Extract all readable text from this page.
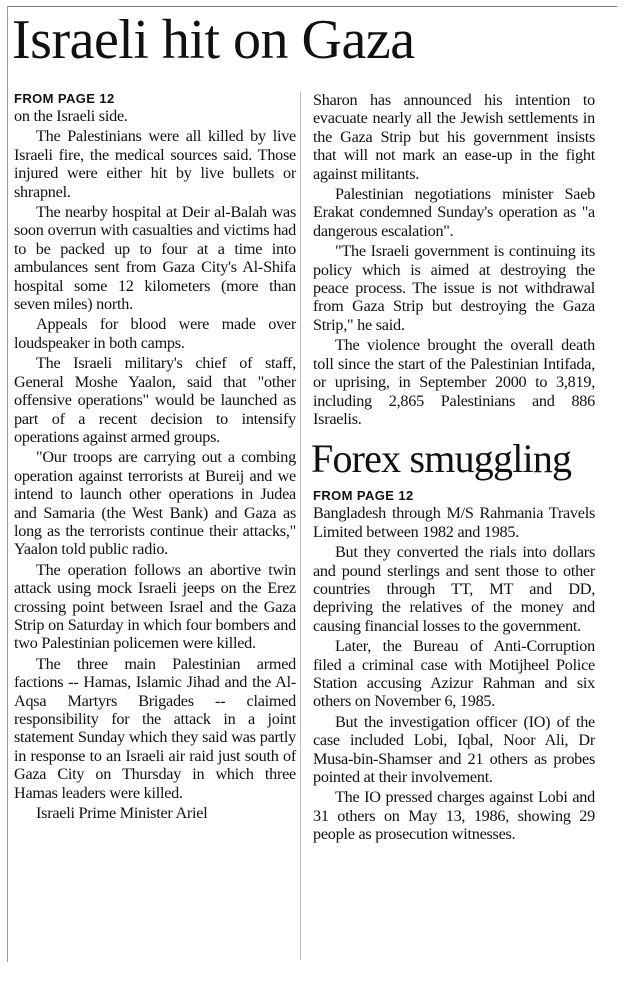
Israeli hit on Gaza
FROM PAGE 12

on the Israeli side.

The Palestinians were all killed by live Israeli fire, the medical sources said. Those injured were either hit by live bullets or shrapnel.

The nearby hospital at Deir al-Balah was soon overrun with casualties and victims had to be packed up to four at a time into ambulances sent from Gaza City's Al-Shifa hospital some 12 kilometers (more than seven miles) north.

Appeals for blood were made over loudspeaker in both camps.

The Israeli military's chief of staff, General Moshe Yaalon, said that "other offensive operations" would be launched as part of a recent decision to intensify operations against armed groups.

"Our troops are carrying out a combing operation against terrorists at Bureij and we intend to launch other operations in Judea and Samaria (the West Bank) and Gaza as long as the terrorists continue their attacks," Yaalon told public radio.

The operation follows an abortive twin attack using mock Israeli jeeps on the Erez crossing point between Israel and the Gaza Strip on Saturday in which four bombers and two Palestinian policemen were killed.

The three main Palestinian armed factions -- Hamas, Islamic Jihad and the Al-Aqsa Martyrs Brigades -- claimed responsibility for the attack in a joint statement Sunday which they said was partly in response to an Israeli air raid just south of Gaza City on Thursday in which three Hamas leaders were killed.

Israeli Prime Minister Ariel

Sharon has announced his intention to evacuate nearly all the Jewish settlements in the Gaza Strip but his government insists that will not mark an ease-up in the fight against militants.

Palestinian negotiations minister Saeb Erakat condemned Sunday's operation as "a dangerous escalation".

"The Israeli government is continuing its policy which is aimed at destroying the peace process. The issue is not withdrawal from Gaza Strip but destroying the Gaza Strip," he said.

The violence brought the overall death toll since the start of the Palestinian Intifada, or uprising, in September 2000 to 3,819, including 2,865 Palestinians and 886 Israelis.

Forex smuggling
FROM PAGE 12

Bangladesh through M/S Rahmania Travels Limited between 1982 and 1985.

But they converted the rials into dollars and pound sterlings and sent those to other countries through TT, MT and DD, depriving the relatives of the money and causing financial losses to the government.

Later, the Bureau of Anti-Corruption filed a criminal case with Motijheel Police Station accusing Azizur Rahman and six others on November 6, 1985.

But the investigation officer (IO) of the case included Lobi, Iqbal, Noor Ali, Dr Musa-bin-Shamser and 21 others as probes pointed at their involvement.

The IO pressed charges against Lobi and 31 others on May 13, 1986, showing 29 people as prosecution witnesses.
